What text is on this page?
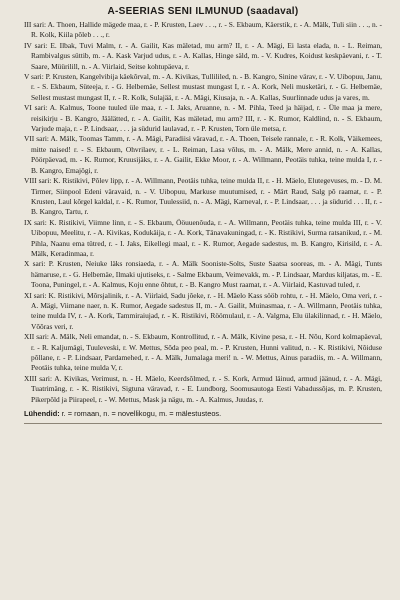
A-SEERIAS SENI ILMUNUD (saadaval)

III sari: A. Thoen, Hallide mägede maa, r. - P. Krusten, Laev . . ., r. - S. Ekbaum, Käerstik, r. - A. Mälk, Tuli siin . . ., n. - R. Kolk, Kiila põleb . . ., r.

IV sari: E. Ilbak, Tuvi Malm, r. - A. Gailit, Kas mäletad, mu arm? II, r. - A. Mägi, Ei lasta elada, n. - L. Reiman, Rambivalgus süttib, m. - A. Kask Varjud udus, r. - A. Kallas, Hinge säld, m. - V. Kudres, Koidust keskpäevani, r. - T. Saare, Müürilill, n. - A. Viirlaid, Seitse kohtupäeva, r.

V sari: P. Krusten, Kangelvibija käekõrval, m. - A. Kivikas, Tullililed, n. - B. Kangro, Sinine värav, r. - V. Uibopuu, Janu, r. - S. Ekbaum, Süteeja, r. - G. Helbemäe, Sellest mustast mungast I, r. - A. Kork, Neli musketäri, r. - G. Helbemäe, Sellest mustast mungast II, r. - R. Kolk, Sulajää, r. - A. Mägi, Kiusaja, n. - A. Kallas, Suurlinnade udus ja vares, m.

VI sari: A. Kalmus, Toone tuuled üle maa, r. - I. Jaks, Aruanne, n. - M. Pihla, Teed ja häijad, r. - Üle maa ja mere, reisikirju - B. Kangro, Jäälätted, r. - A. Gailit, Kas mäletad, mu arm? III, r. - K. Rumor, Kaldlind, n. - S. Ekbaum, Varjude maja, r. - P. Lindsaar, . . . ja südurid laulavad, r. - P. Krusten, Torn üle metsa, r.

VII sari: A. Mälk, Toomas Tamm, r. - A. Mägi, Paradiisi väravad, r. - A. Thoen, Teisele rannale, r. - R. Kolk, Väikemees, mitte naised! r. - S. Ekbaum, Ohvrilaev, r. - L. Reiman, Lasa võlus, m. - A. Mälk, Mere annid, n. - A. Kallas, Pöörpäevad, m. - K. Rumor, Kruusijäks, r. - A. Gailit, Ekke Moor, r. - A. Willmann, Peotäis tuhka, teine mulda I, r. - B. Kangro, Emajõgi, r.

VIII sari: K. Ristikivi, Põlev lipp, r. - A. Willmann, Peotäis tuhka, teine mulda II, r. - H. Mäelo, Elutegevuses, m. - D. M. Tirmer, Siinpool Edeni väravaid, n. - V. Uibopuu, Markuse muutumised, r. - Märt Raud, Salg põ raamat, r. - P. Krusten, Laul kõrgel kaldal, r. - K. Rumor, Tuulessiid, n. - A. Mägi, Karneval, r. - P. Lindsaar, . . . ja südurid . . . II, r. - B. Kangro, Tartu, r.

IX sari: K. Ristikivi, Viimne linn, r. - S. Ekbaum, Ööuuenõuda, r. - A. Willmann, Peotäis tuhka, teine mulda III, r. - V. Uibopuu, Meelitu, r. - A. Kivikas, Kodukäija, r. - A. Kork, Tänavakuningad, r. - K. Ristikivi, Surma ratsanikud, r. - M. Pihla, Naanu ema tütred, r. - I. Jaks, Eikellegi maal, r. - K. Rumor, Aegade sadestus, m. B. Kangro, Kirisild, r. - A. Mälk, Keradinmaa, r.

X sari: P. Krusten, Neiuke läks ronsiaeda, r. - A. Mälk Sooniste-Solts, Suste Saatsa sooreas, m. - A. Mägi, Tunts hämaruse, r. - G. Helbemäe, Ilmaki ujutiseks, r. - Salme Ekbaum, Veimevakk, m. - P. Lindsaar, Mardus kiljatas, m. - E. Toona, Puningel, r. - A. Kalmus, Koju enne õhtut, r. - B. Kangro Must raamat, r. - A. Viirlaid, Kastuvad tuled, r.

XI sari: K. Ristikivi, Mõrsjalinik, r. - A. Viirlaid, Sadu jõeke, r. - H. Mäelo Kass sööb rohtu, r. - H. Mäelo, Oma veri, r. - A. Mägi, Viimane naer, n. K. Rumor, Aegade sadestus II, m. - A. Gailit, Muinasmaa, r. - A. Willmann, Peotäis tuhka, teine mulda IV, r. - A. Kork, Tammiraiujad, r. - K. Ristikivi, Röömulaul, r. - A. Valgma, Elu ülakilinnad, r. - H. Mäelo, Võõras veri, r.

XII sari: A. Mälk, Neli emandat, n. - S. Ekbaum, Kontrollitud, r. - A. Mälk, Kivine pesa, r. - H. Nõu, Kord kolmapäeval, r. - R. Kaljumägi, Tuuleveski, r. W. Mettus, Sõda peo peal, m. - P. Krusten, Hunni valitud, n. - K. Ristikivi, Nõiduse põllane, r. - P. Lindsaar, Pardamehed, r. - A. Mälk, Jumalaga meri! n. - W. Mettus, Ainus paradiis, m. - A. Willmann, Peotäis tuhka, teine mulda V, r.

XIII sari: A. Kivikas, Verimust, n. - H. Mäelo, Keerdsõlmed, r. - S. Kork, Armud läinud, armud jäänud, r. - A. Mägi, Tuatrimäng, r. - K. Ristikivi, Sigtuna väravad, r. - E. Lundborg, Soomusautoga Eesti Vabadussõjas, m. P. Krusten, Pikerpõld ja Piirapeel, r. - W. Mettus, Mask ja nägu, m. - A. Kalmus, Juudas, r.

Lühendid: r. = romaan, n. = novellikogu, m. = mälestusteos.
